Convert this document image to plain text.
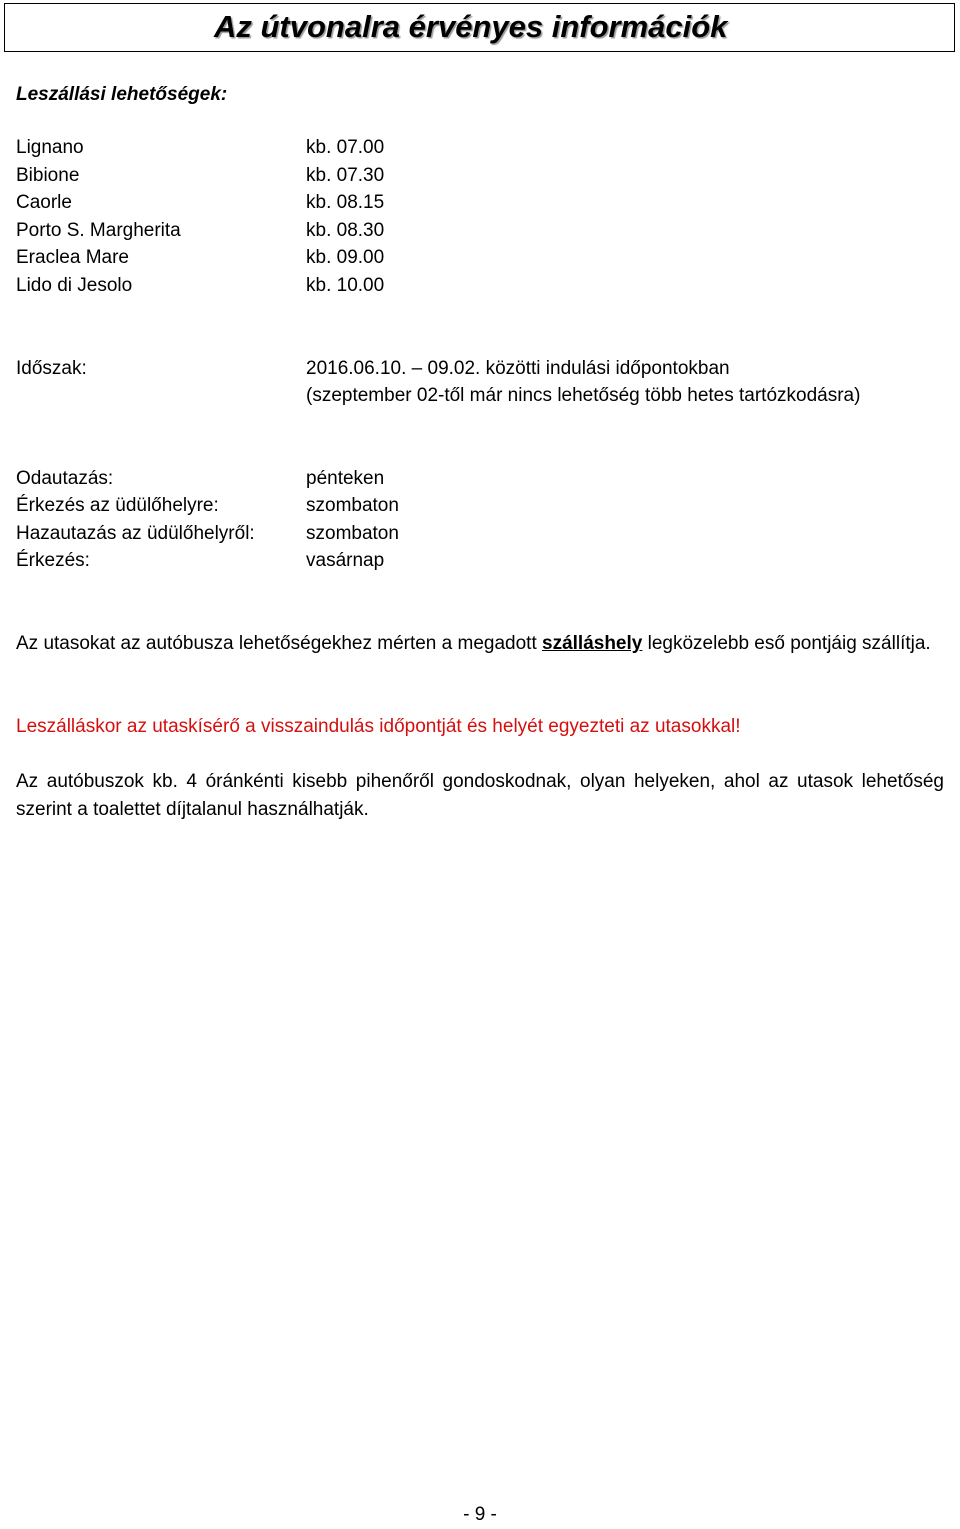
Az útvonalra érvényes információk
Leszállási lehetőségek:
Lignano	kb. 07.00
Bibione	kb. 07.30
Caorle	kb. 08.15
Porto S. Margherita	kb. 08.30
Eraclea Mare	kb. 09.00
Lido di Jesolo	kb. 10.00
Időszak:	2016.06.10. – 09.02. közötti indulási időpontokban
(szeptember 02-től már nincs lehetőség több hetes tartózkodásra)
Odautazás:	pénteken
Érkezés az üdülőhelyre:	szombaton
Hazautazás az üdülőhelyről:	szombaton
Érkezés:	vasárnap
Az utasokat az autóbusza lehetőségekhez mérten a megadott szálláshely legközelebb eső pontjáig szállítja.
Leszálláskor az utaskísérő a visszaindulás időpontját és helyét egyezteti az utasokkal!
Az autóbuszok kb. 4 óránkénti kisebb pihenőről gondoskodnak, olyan helyeken, ahol az utasok lehetőség szerint a toalettet díjtalanul használhatják.
- 9 -
